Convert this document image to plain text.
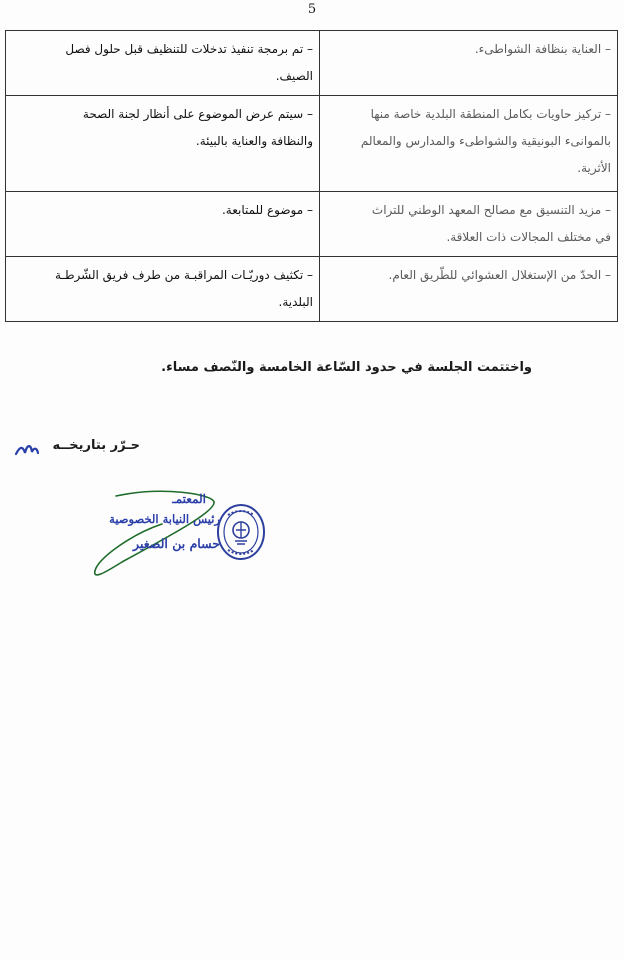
5
– العناية بنظافة الشواطىء.	– تم برمجة تنفيذ تدخلات للتنظيف قبل حلول فصل
الصيف.

– تركيز حاويات بكامل المنطقة البلدية خاصة منها
بالموانىء البونيقية والشواطىء والمدارس والمعالم
الأثرية.	– سيتم عرض الموضوع على أنظار لجنة الصحة
والنظافة والعناية بالبيئة.

– مزيد التنسيق مع مصالح المعهد الوطني للتراث
في مختلف المجالات ذات العلاقة.	– موضوع للمتابعة.

– الحدّ من الإستغلال العشوائي للطّريق العام.	– تكثيف دوريّـات المراقبـة من طرف فريق الشّرطـة
البلدية.
واختتمت الجلسة في حدود السّاعة الخامسة والنّصف مساء.
حـرّر بتاريخــه
المعتمـ
رئيس النيابة الخصوصية
حسام بن الصغير
